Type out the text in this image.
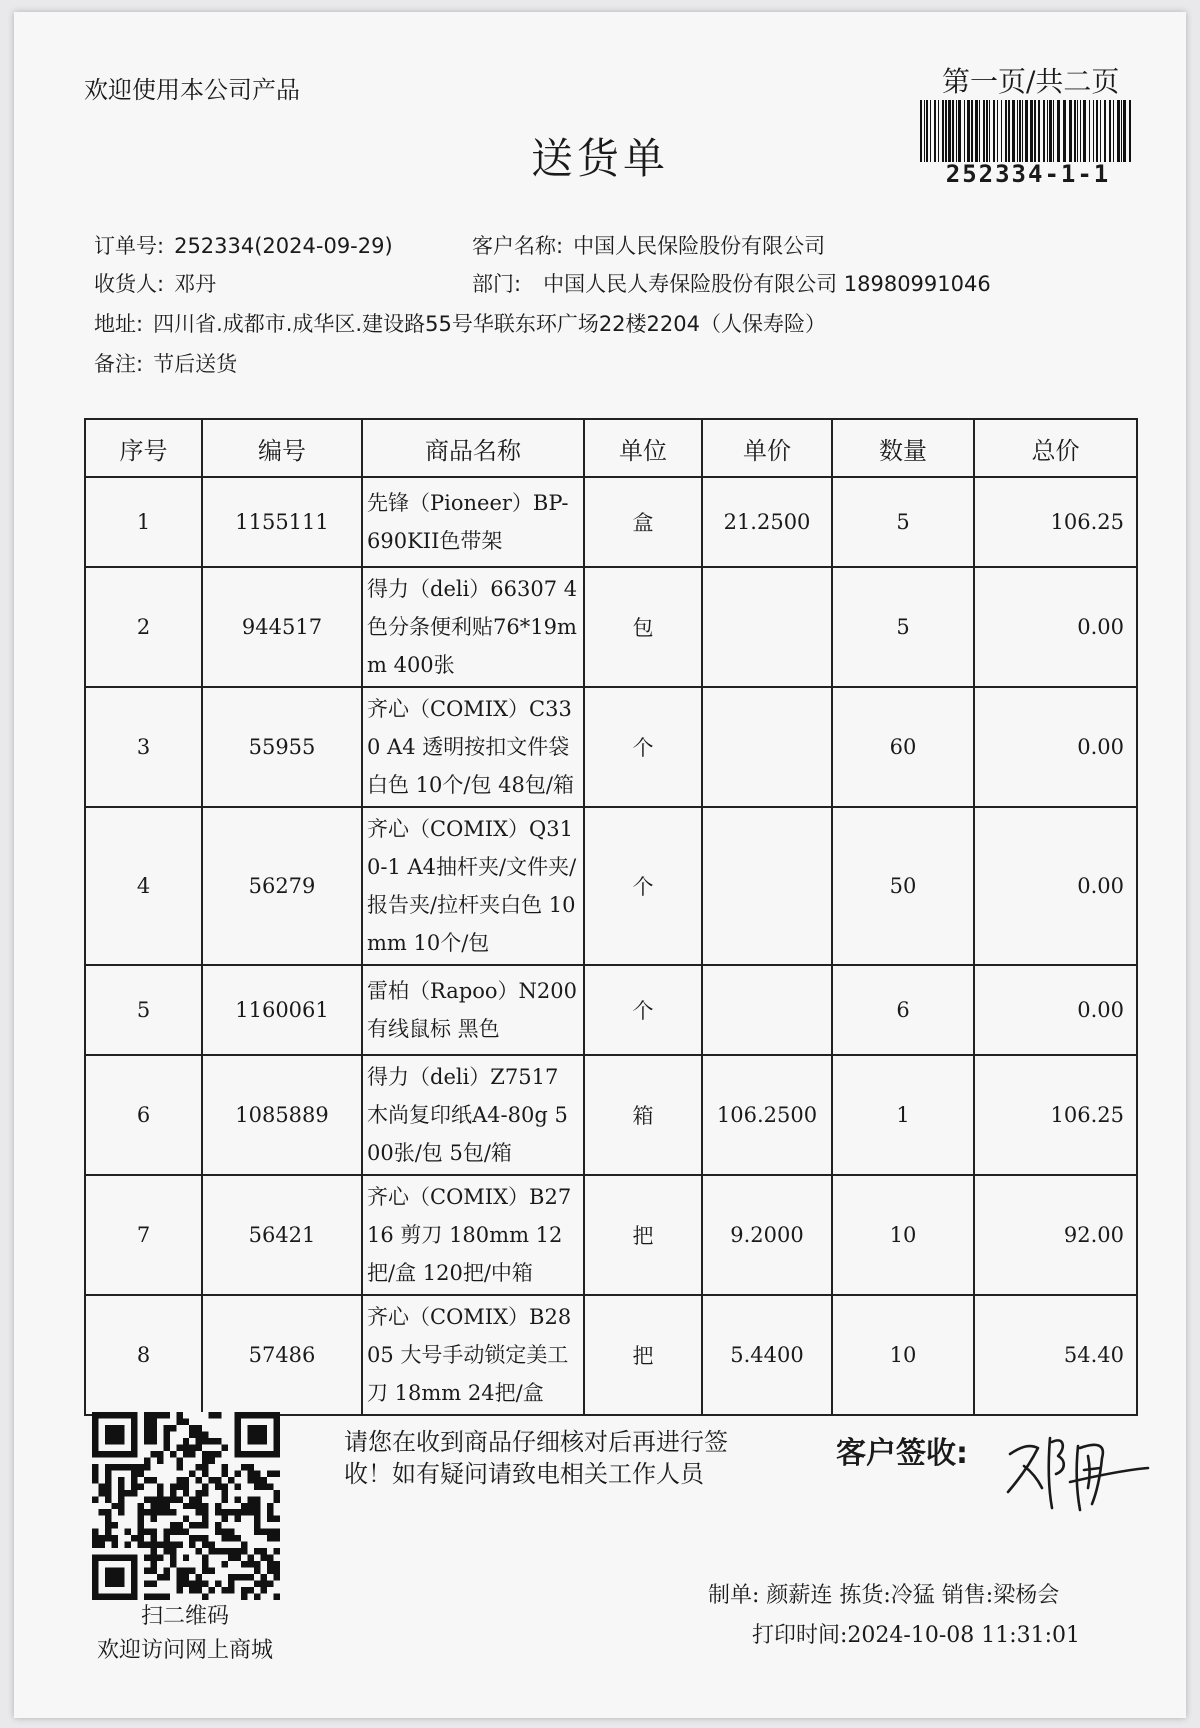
欢迎使用本公司产品	第一页/共二页
送货单	252334-1-1
订单号: 252334(2024-09-29)	客户名称: 中国人民保险股份有限公司
收货人: 邓丹	部门: 中国人民人寿保险股份有限公司 18980991046
地址: 四川省.成都市.成华区.建设路55号华联东环广场22楼2204（人保寿险）
备注: 节后送货
序号	编号	商品名称	单位	单价	数量	总价
1	1155111	先锋（Pioneer）BP-690KII色带架	盒	21.2500	5	106.25
2	944517	得力（deli）66307 4色分条便利贴76*19mm 400张	包		5	0.00
3	55955	齐心（COMIX）C330 A4 透明按扣文件袋白色 10个/包 48包/箱	个		60	0.00
4	56279	齐心（COMIX）Q310-1 A4抽杆夹/文件夹/报告夹/拉杆夹白色 10mm 10个/包	个		50	0.00
5	1160061	雷柏（Rapoo）N200 有线鼠标 黑色	个		6	0.00
6	1085889	得力（deli）Z7517 木尚复印纸A4-80g 500张/包 5包/箱	箱	106.2500	1	106.25
7	56421	齐心（COMIX）B2716 剪刀 180mm 12把/盒 120把/中箱	把	9.2000	10	92.00
8	57486	齐心（COMIX）B2805 大号手动锁定美工刀 18mm 24把/盒	把	5.4400	10	54.40
扫二维码
欢迎访问网上商城
请您在收到商品仔细核对后再进行签收！如有疑问请致电相关工作人员
客户签收:
制单: 颜薪连 拣货:冷猛 销售:梁杨会
打印时间:2024-10-08 11:31:01
